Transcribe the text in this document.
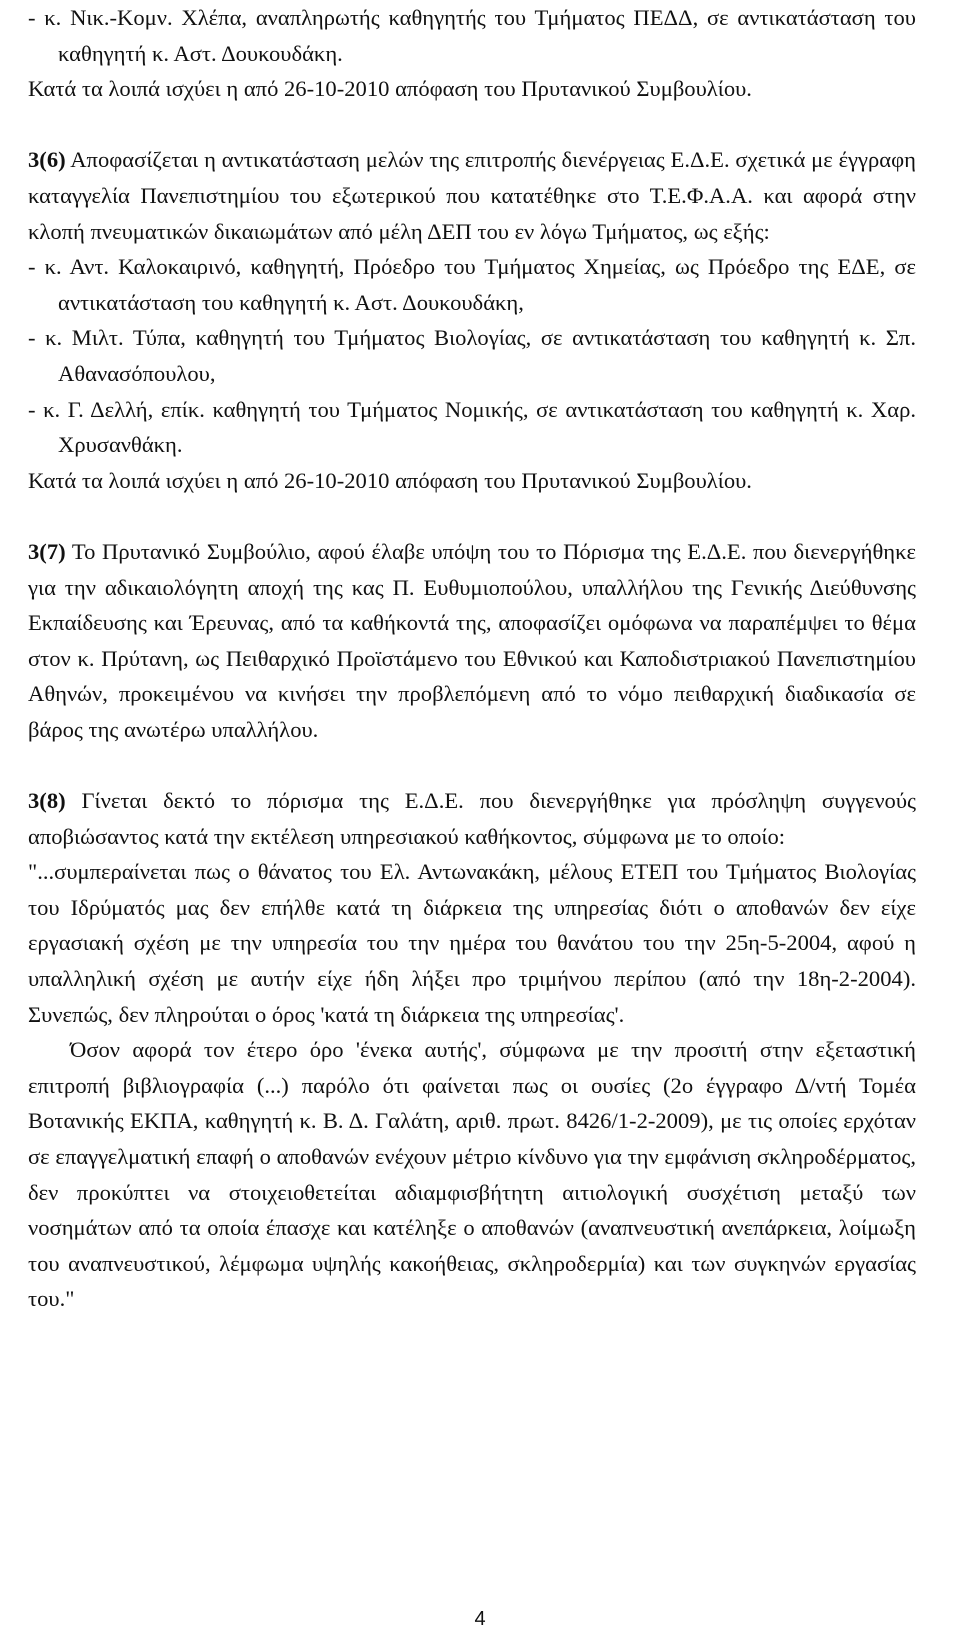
- κ. Νικ.-Κομν. Χλέπα, αναπληρωτής καθηγητής του Τμήματος ΠΕΔΔ, σε αντικατάσταση του καθηγητή κ. Αστ. Δουκουδάκη.

Κατά τα λοιπά ισχύει η από 26-10-2010 απόφαση του Πρυτανικού Συμβουλίου.

3(6) Αποφασίζεται η αντικατάσταση μελών της επιτροπής διενέργειας Ε.Δ.Ε. σχετικά με έγγραφη καταγγελία Πανεπιστημίου του εξωτερικού που κατατέθηκε στο Τ.Ε.Φ.Α.Α. και αφορά στην κλοπή πνευματικών δικαιωμάτων από μέλη ΔΕΠ του εν λόγω Τμήματος, ως εξής:

- κ. Αντ. Καλοκαιρινό, καθηγητή, Πρόεδρο του Τμήματος Χημείας, ως Πρόεδρο της ΕΔΕ, σε αντικατάσταση του καθηγητή κ. Αστ. Δουκουδάκη,

- κ. Μιλτ. Τύπα, καθηγητή του Τμήματος Βιολογίας, σε αντικατάσταση του καθηγητή κ. Σπ. Αθανασόπουλου,

- κ. Γ. Δελλή, επίκ. καθηγητή του Τμήματος Νομικής, σε αντικατάσταση του καθηγητή κ. Χαρ. Χρυσανθάκη.

Κατά τα λοιπά ισχύει η από 26-10-2010 απόφαση του Πρυτανικού Συμβουλίου.

3(7) Το Πρυτανικό Συμβούλιο, αφού έλαβε υπόψη του το Πόρισμα της Ε.Δ.Ε. που διενεργήθηκε για την αδικαιολόγητη αποχή της κας Π. Ευθυμιοπούλου, υπαλλήλου της Γενικής Διεύθυνσης Εκπαίδευσης και Έρευνας, από τα καθήκοντά της, αποφασίζει ομόφωνα να παραπέμψει το θέμα στον κ. Πρύτανη, ως Πειθαρχικό Προϊστάμενο του Εθνικού και Καποδιστριακού Πανεπιστημίου Αθηνών, προκειμένου να κινήσει την προβλεπόμενη από το νόμο πειθαρχική διαδικασία σε βάρος της ανωτέρω υπαλλήλου.

3(8) Γίνεται δεκτό το πόρισμα της Ε.Δ.Ε. που διενεργήθηκε για πρόσληψη συγγενούς αποβιώσαντος κατά την εκτέλεση υπηρεσιακού καθήκοντος, σύμφωνα με το οποίο:

"...συμπεραίνεται πως ο θάνατος του Ελ. Αντωνακάκη, μέλους ΕΤΕΠ του Τμήματος Βιολογίας του Ιδρύματός μας δεν επήλθε κατά τη διάρκεια της υπηρεσίας διότι ο αποθανών δεν είχε εργασιακή σχέση με την υπηρεσία του την ημέρα του θανάτου του την 25η-5-2004, αφού η υπαλληλική σχέση με αυτήν είχε ήδη λήξει προ τριμήνου περίπου (από την 18η-2-2004). Συνεπώς, δεν πληρούται ο όρος 'κατά τη διάρκεια της υπηρεσίας'.

Όσον αφορά τον έτερο όρο 'ένεκα αυτής', σύμφωνα με την προσιτή στην εξεταστική επιτροπή βιβλιογραφία (...) παρόλο ότι φαίνεται πως οι ουσίες (2ο έγγραφο Δ/ντή Τομέα Βοτανικής ΕΚΠΑ, καθηγητή κ. Β. Δ. Γαλάτη, αριθ. πρωτ. 8426/1-2-2009), με τις οποίες ερχόταν σε επαγγελματική επαφή ο αποθανών ενέχουν μέτριο κίνδυνο για την εμφάνιση σκληροδέρματος, δεν προκύπτει να στοιχειοθετείται αδιαμφισβήτητη αιτιολογική συσχέτιση μεταξύ των νοσημάτων από τα οποία έπασχε και κατέληξε ο αποθανών (αναπνευστική ανεπάρκεια, λοίμωξη του αναπνευστικού, λέμφωμα υψηλής κακοήθειας, σκληροδερμία) και των συγκηνών εργασίας του."

4
